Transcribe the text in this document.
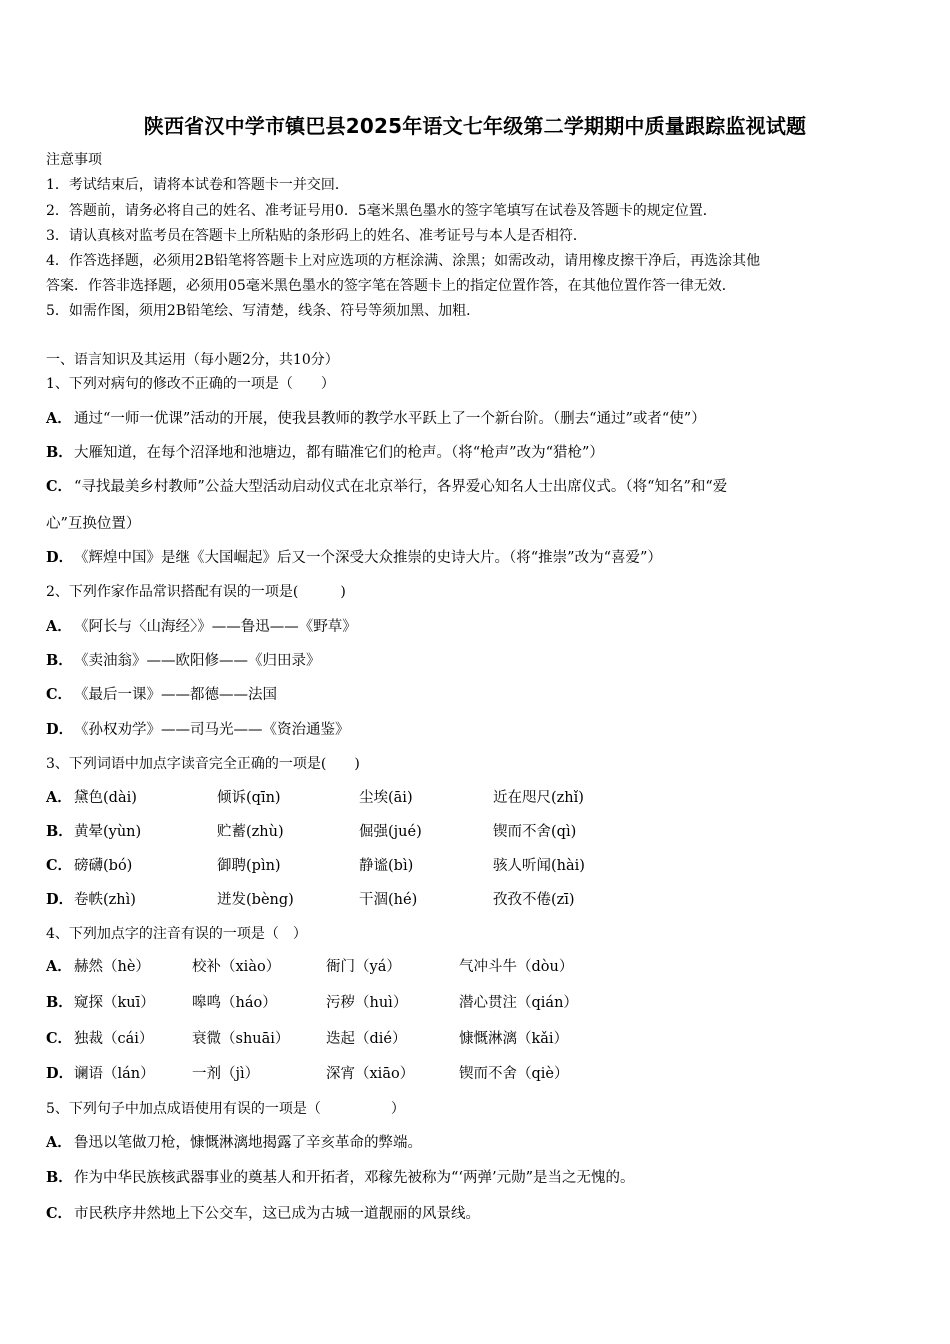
陕西省汉中学市镇巴县2025年语文七年级第二学期期中质量跟踪监视试题
注意事项
1．考试结束后，请将本试卷和答题卡一并交回．
2．答题前，请务必将自己的姓名、准考证号用0．5毫米黑色墨水的签字笔填写在试卷及答题卡的规定位置．
3．请认真核对监考员在答题卡上所粘贴的条形码上的姓名、准考证号与本人是否相符．
4．作答选择题，必须用2B铅笔将答题卡上对应选项的方框涂满、涂黑；如需改动，请用橡皮擦干净后，再选涂其他
答案．作答非选择题，必须用05毫米黑色墨水的签字笔在答题卡上的指定位置作答，在其他位置作答一律无效．
5．如需作图，须用2B铅笔绘、写清楚，线条、符号等须加黑、加粗．
一、语言知识及其运用（每小题2分，共10分）
1、下列对病句的修改不正确的一项是（　　）
A． 通过“一师一优课”活动的开展，使我县教师的教学水平跃上了一个新台阶。（删去“通过”或者“使”）
B．大雁知道，在每个沼泽地和池塘边，都有瞄准它们的枪声。（将“枪声”改为“猎枪”）
C． “寻找最美乡村教师”公益大型活动启动仪式在北京举行，各界爱心知名人士出席仪式。（将“知名”和“爱
心”互换位置）
D．《辉煌中国》是继《大国崛起》后又一个深受大众推崇的史诗大片。（将“推崇”改为“喜爱”）
2、下列作家作品常识搭配有误的一项是(　　　)
A． 《阿长与〈山海经〉》——鲁迅——《野草》
B．《卖油翁》——欧阳修——《归田录》
C． 《最后一课》——都德——法国
D．《孙权劝学》——司马光——《资治通鉴》
3、下列词语中加点字读音完全正确的一项是(　　)
A． 黛色(dài)	倾诉(qīn)	尘埃(āi)	近在咫尺(zhǐ)
B． 黄晕(yùn)	贮蓄(zhù)	倔强(jué)	锲而不舍(qì)
C． 磅礴(bó)	御聘(pìn)	静谧(bì)	骇人听闻(hài)
D． 卷帙(zhì)	迸发(bèng)	干涸(hé)	孜孜不倦(zī)
4、下列加点字的注音有误的一项是（　）
A． 赫然（hè）	校补（xiào）	衙门（yá）	气冲斗牛（dòu）
B． 窥探（kuī）	嗥鸣（háo）	污秽（huì）	潜心贯注（qián）
C． 独裁（cái）	衰微（shuāi）	迭起（dié）	慷慨淋漓（kǎi）
D． 谰语（lán）	一剂（jì）	深宵（xiāo）	锲而不舍（qiè）
5、下列句子中加点成语使用有误的一项是（　　　　　）
A． 鲁迅以笔做刀枪，慷慨淋漓地揭露了辛亥革命的弊端。
B．作为中华民族核武器事业的奠基人和开拓者，邓稼先被称为“‘两弹’元勋”是当之无愧的。
C． 市民秩序井然地上下公交车，这已成为古城一道靓丽的风景线。
